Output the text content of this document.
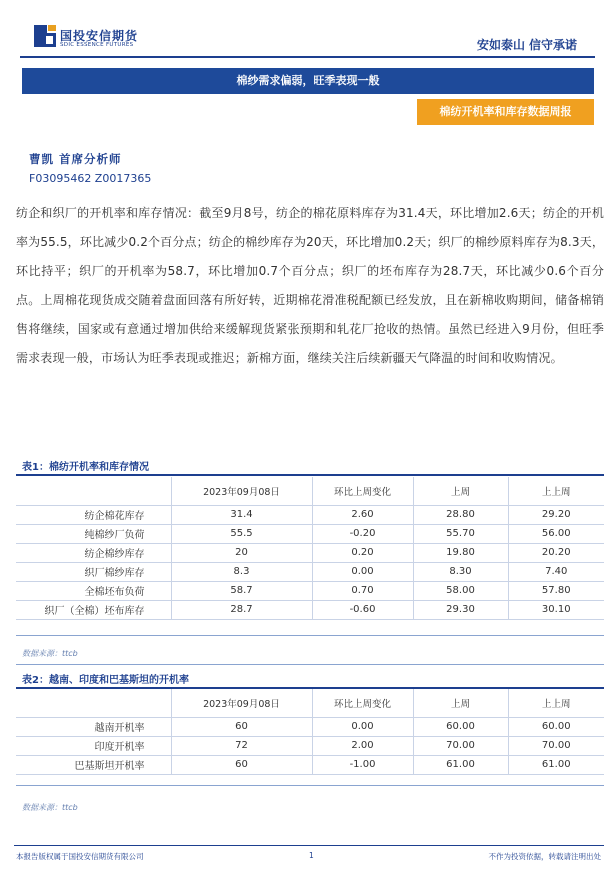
国投安信期货
SDIC ESSENCE FUTURES	安如泰山 信守承诺
棉纱需求偏弱，旺季表现一般
棉纺开机率和库存数据周报
曹凯 首席分析师
F03095462 Z0017365

纺企和织厂的开机率和库存情况：截至9月8号，纺企的棉花原料库存为31.4天，环比增加2.6天；纺企的开机率为55.5，环比减少0.2个百分点；纺企的棉纱库存为20天，环比增加0.2天；织厂的棉纱原料库存为8.3天，环比持平；织厂的开机率为58.7，环比增加0.7个百分点；织厂的坯布库存为28.7天，环比减少0.6个百分点。上周棉花现货成交随着盘面回落有所好转，近期棉花滑准税配额已经发放，且在新棉收购期间，储备棉销售将继续，国家或有意通过增加供给来缓解现货紧张预期和轧花厂抢收的热情。虽然已经进入9月份，但旺季需求表现一般，市场认为旺季表现或推迟；新棉方面，继续关注后续新疆天气降温的时间和收购情况。

表1：棉纺开机率和库存情况
	2023年09月08日	环比上周变化	上周	上上周
纺企棉花库存	31.4	2.60	28.80	29.20
纯棉纱厂负荷	55.5	-0.20	55.70	56.00
纺企棉纱库存	20	0.20	19.80	20.20
织厂棉纱库存	8.3	0.00	8.30	7.40
全棉坯布负荷	58.7	0.70	58.00	57.80
织厂（全棉）坯布库存	28.7	-0.60	29.30	30.10
数据来源：ttcb
表2：越南、印度和巴基斯坦的开机率
	2023年09月08日	环比上周变化	上周	上上周
越南开机率	60	0.00	60.00	60.00
印度开机率	72	2.00	70.00	70.00
巴基斯坦开机率	60	-1.00	61.00	61.00
数据来源：ttcb
本报告版权属于国投安信期货有限公司	1	不作为投资依据，转载请注明出处
